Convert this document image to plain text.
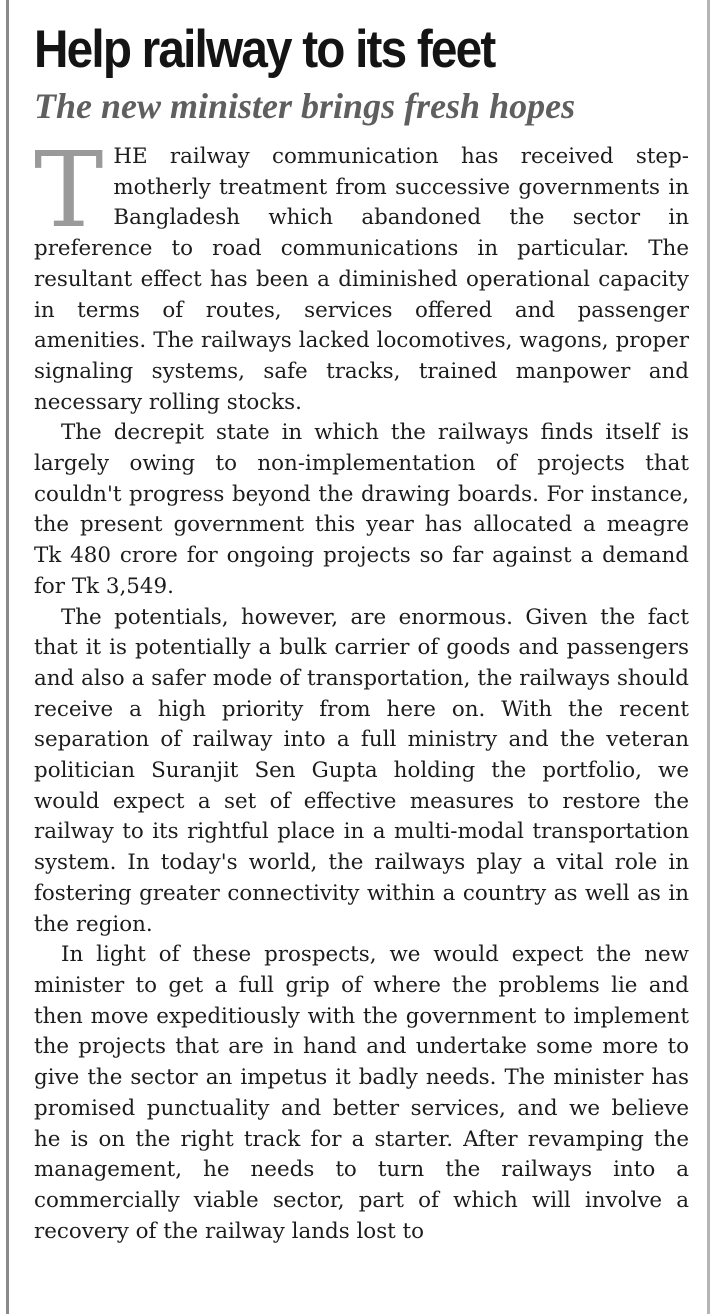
Help railway to its feet
The new minister brings fresh hopes

THE railway communication has received step-motherly treatment from successive governments in Bangladesh which abandoned the sector in preference to road communications in particular. The resultant effect has been a diminished operational capacity in terms of routes, services offered and passenger amenities. The railways lacked locomotives, wagons, proper signaling systems, safe tracks, trained manpower and necessary rolling stocks.

The decrepit state in which the railways finds itself is largely owing to non-implementation of projects that couldn't progress beyond the drawing boards. For instance, the present government this year has allocated a meagre Tk 480 crore for ongoing projects so far against a demand for Tk 3,549.

The potentials, however, are enormous. Given the fact that it is potentially a bulk carrier of goods and passengers and also a safer mode of transportation, the railways should receive a high priority from here on. With the recent separation of railway into a full ministry and the veteran politician Suranjit Sen Gupta holding the portfolio, we would expect a set of effective measures to restore the railway to its rightful place in a multi-modal transportation system. In today's world, the railways play a vital role in fostering greater connectivity within a country as well as in the region.

In light of these prospects, we would expect the new minister to get a full grip of where the problems lie and then move expeditiously with the government to implement the projects that are in hand and undertake some more to give the sector an impetus it badly needs. The minister has promised punctuality and better services, and we believe he is on the right track for a starter. After revamping the management, he needs to turn the railways into a commercially viable sector, part of which will involve a recovery of the railway lands lost to
